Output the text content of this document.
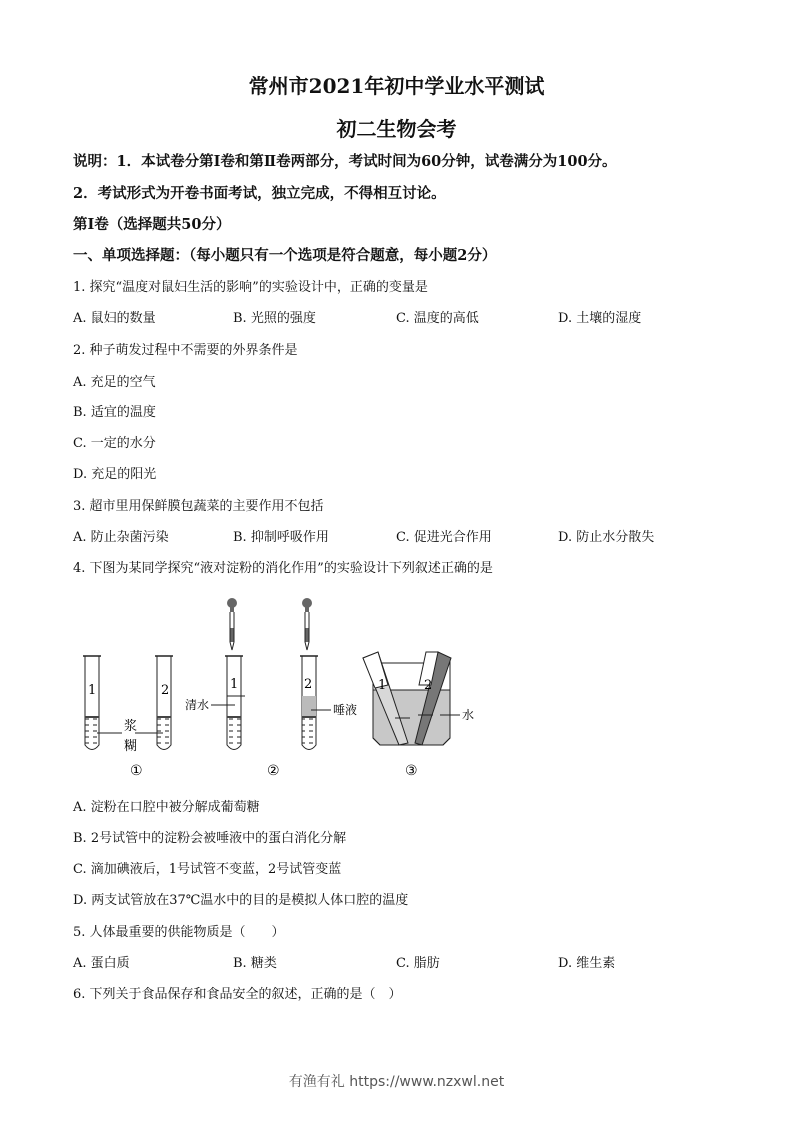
常州市2021年初中学业水平测试
初二生物会考
说明：1．本试卷分第Ⅰ卷和第Ⅱ卷两部分，考试时间为60分钟，试卷满分为100分。
2．考试形式为开卷书面考试，独立完成，不得相互讨论。
第Ⅰ卷（选择题共50分）
一、单项选择题：（每小题只有一个选项是符合题意，每小题2分）
1. 探究“温度对鼠妇生活的影响”的实验设计中，正确的变量是
A. 鼠妇的数量	B. 光照的强度	C. 温度的高低	D. 土壤的湿度
2. 种子萌发过程中不需要的外界条件是
A. 充足的空气
B. 适宜的温度
C. 一定的水分
D. 充足的阳光
3. 超市里用保鲜膜包蔬菜的主要作用不包括
A. 防止杂菌污染	B. 抑制呼吸作用	C. 促进光合作用	D. 防止水分散失
4. 下图为某同学探究“液对淀粉的消化作用”的实验设计下列叙述正确的是
1	2	1	2	1	2
浆
糊
清水	唾液	水
①	②	③
A. 淀粉在口腔中被分解成葡萄糖
B. 2号试管中的淀粉会被唾液中的蛋白消化分解
C. 滴加碘液后，1号试管不变蓝，2号试管变蓝
D. 两支试管放在37℃温水中的目的是模拟人体口腔的温度
5. 人体最重要的供能物质是（　　）
A. 蛋白质	B. 糖类	C. 脂肪	D. 维生素
6. 下列关于食品保存和食品安全的叙述，正确的是（　）
有渔有礼 https://www.nzxwl.net
